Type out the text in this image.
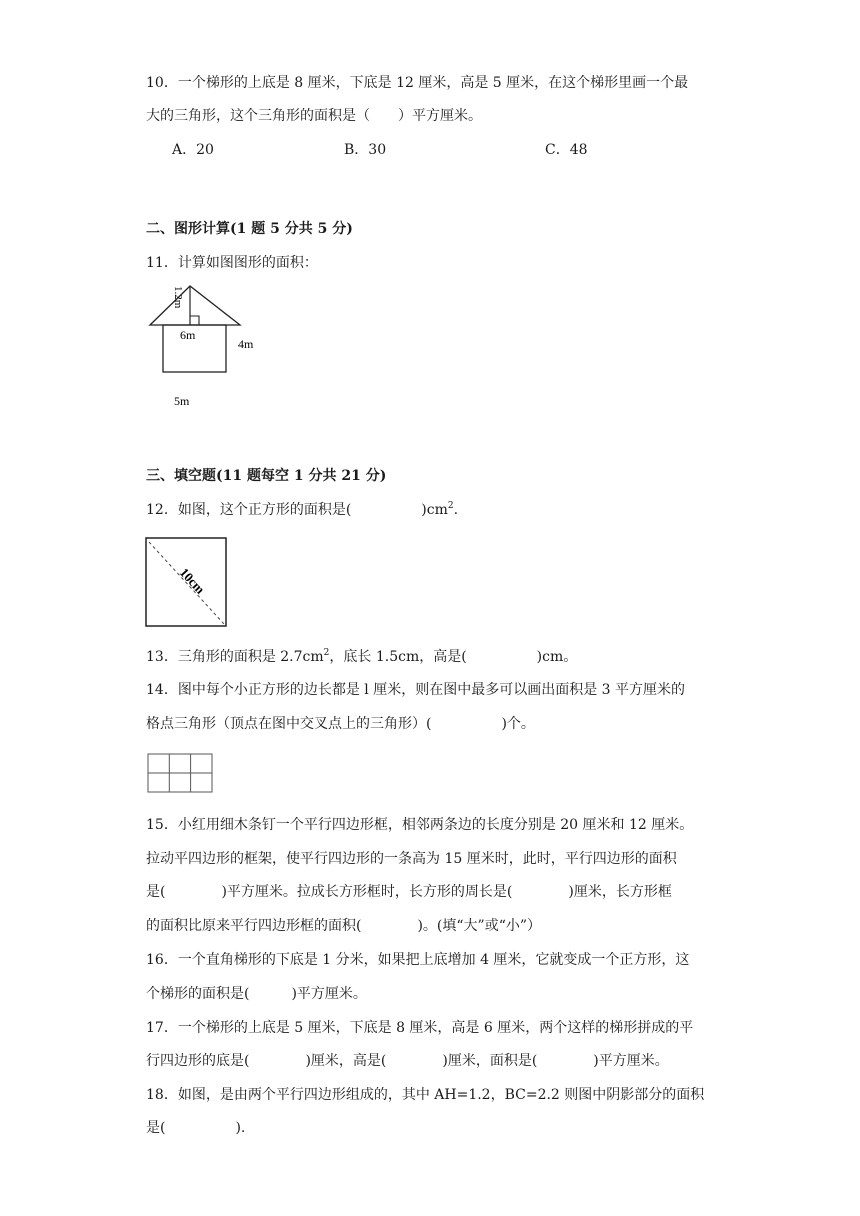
10．一个梯形的上底是 8 厘米，下底是 12 厘米，高是 5 厘米，在这个梯形里画一个最
大的三角形，这个三角形的面积是（　　）平方厘米。
A．20	B．30	C．48
二、图形计算(1 题 5 分共 5 分)
11．计算如图图形的面积：
1.2m
6m
4m
5m
三、填空题(11 题每空 1 分共 21 分)
12．如图，这个正方形的面积是(　　　　　)$cm^2$.
10cm
13．三角形的面积是 $2.7cm^2$，底长 1.5cm，高是(　　　　　)cm。
14．图中每个小正方形的边长都是 l 厘米，则在图中最多可以画出面积是 3 平方厘米的
格点三角形（顶点在图中交叉点上的三角形）(　　　　　)个。
15．小红用细木条钉一个平行四边形框，相邻两条边的长度分别是 20 厘米和 12 厘米。
拉动平四边形的框架，使平行四边形的一条高为 15 厘米时，此时，平行四边形的面积
是(　　　　)平方厘米。拉成长方形框时，长方形的周长是(　　　　)厘米，长方形框
的面积比原来平行四边形框的面积(　　　　)。(填“大”或“小”）
16．一个直角梯形的下底是 1 分米，如果把上底增加 4 厘米，它就变成一个正方形，这
个梯形的面积是(　　　)平方厘米。
17．一个梯形的上底是 5 厘米，下底是 8 厘米，高是 6 厘米，两个这样的梯形拼成的平
行四边形的底是(　　　　)厘米，高是(　　　　)厘米，面积是(　　　　)平方厘米。
18．如图，是由两个平行四边形组成的，其中 AH=1.2，BC=2.2 则图中阴影部分的面积
是(　　　　　).
